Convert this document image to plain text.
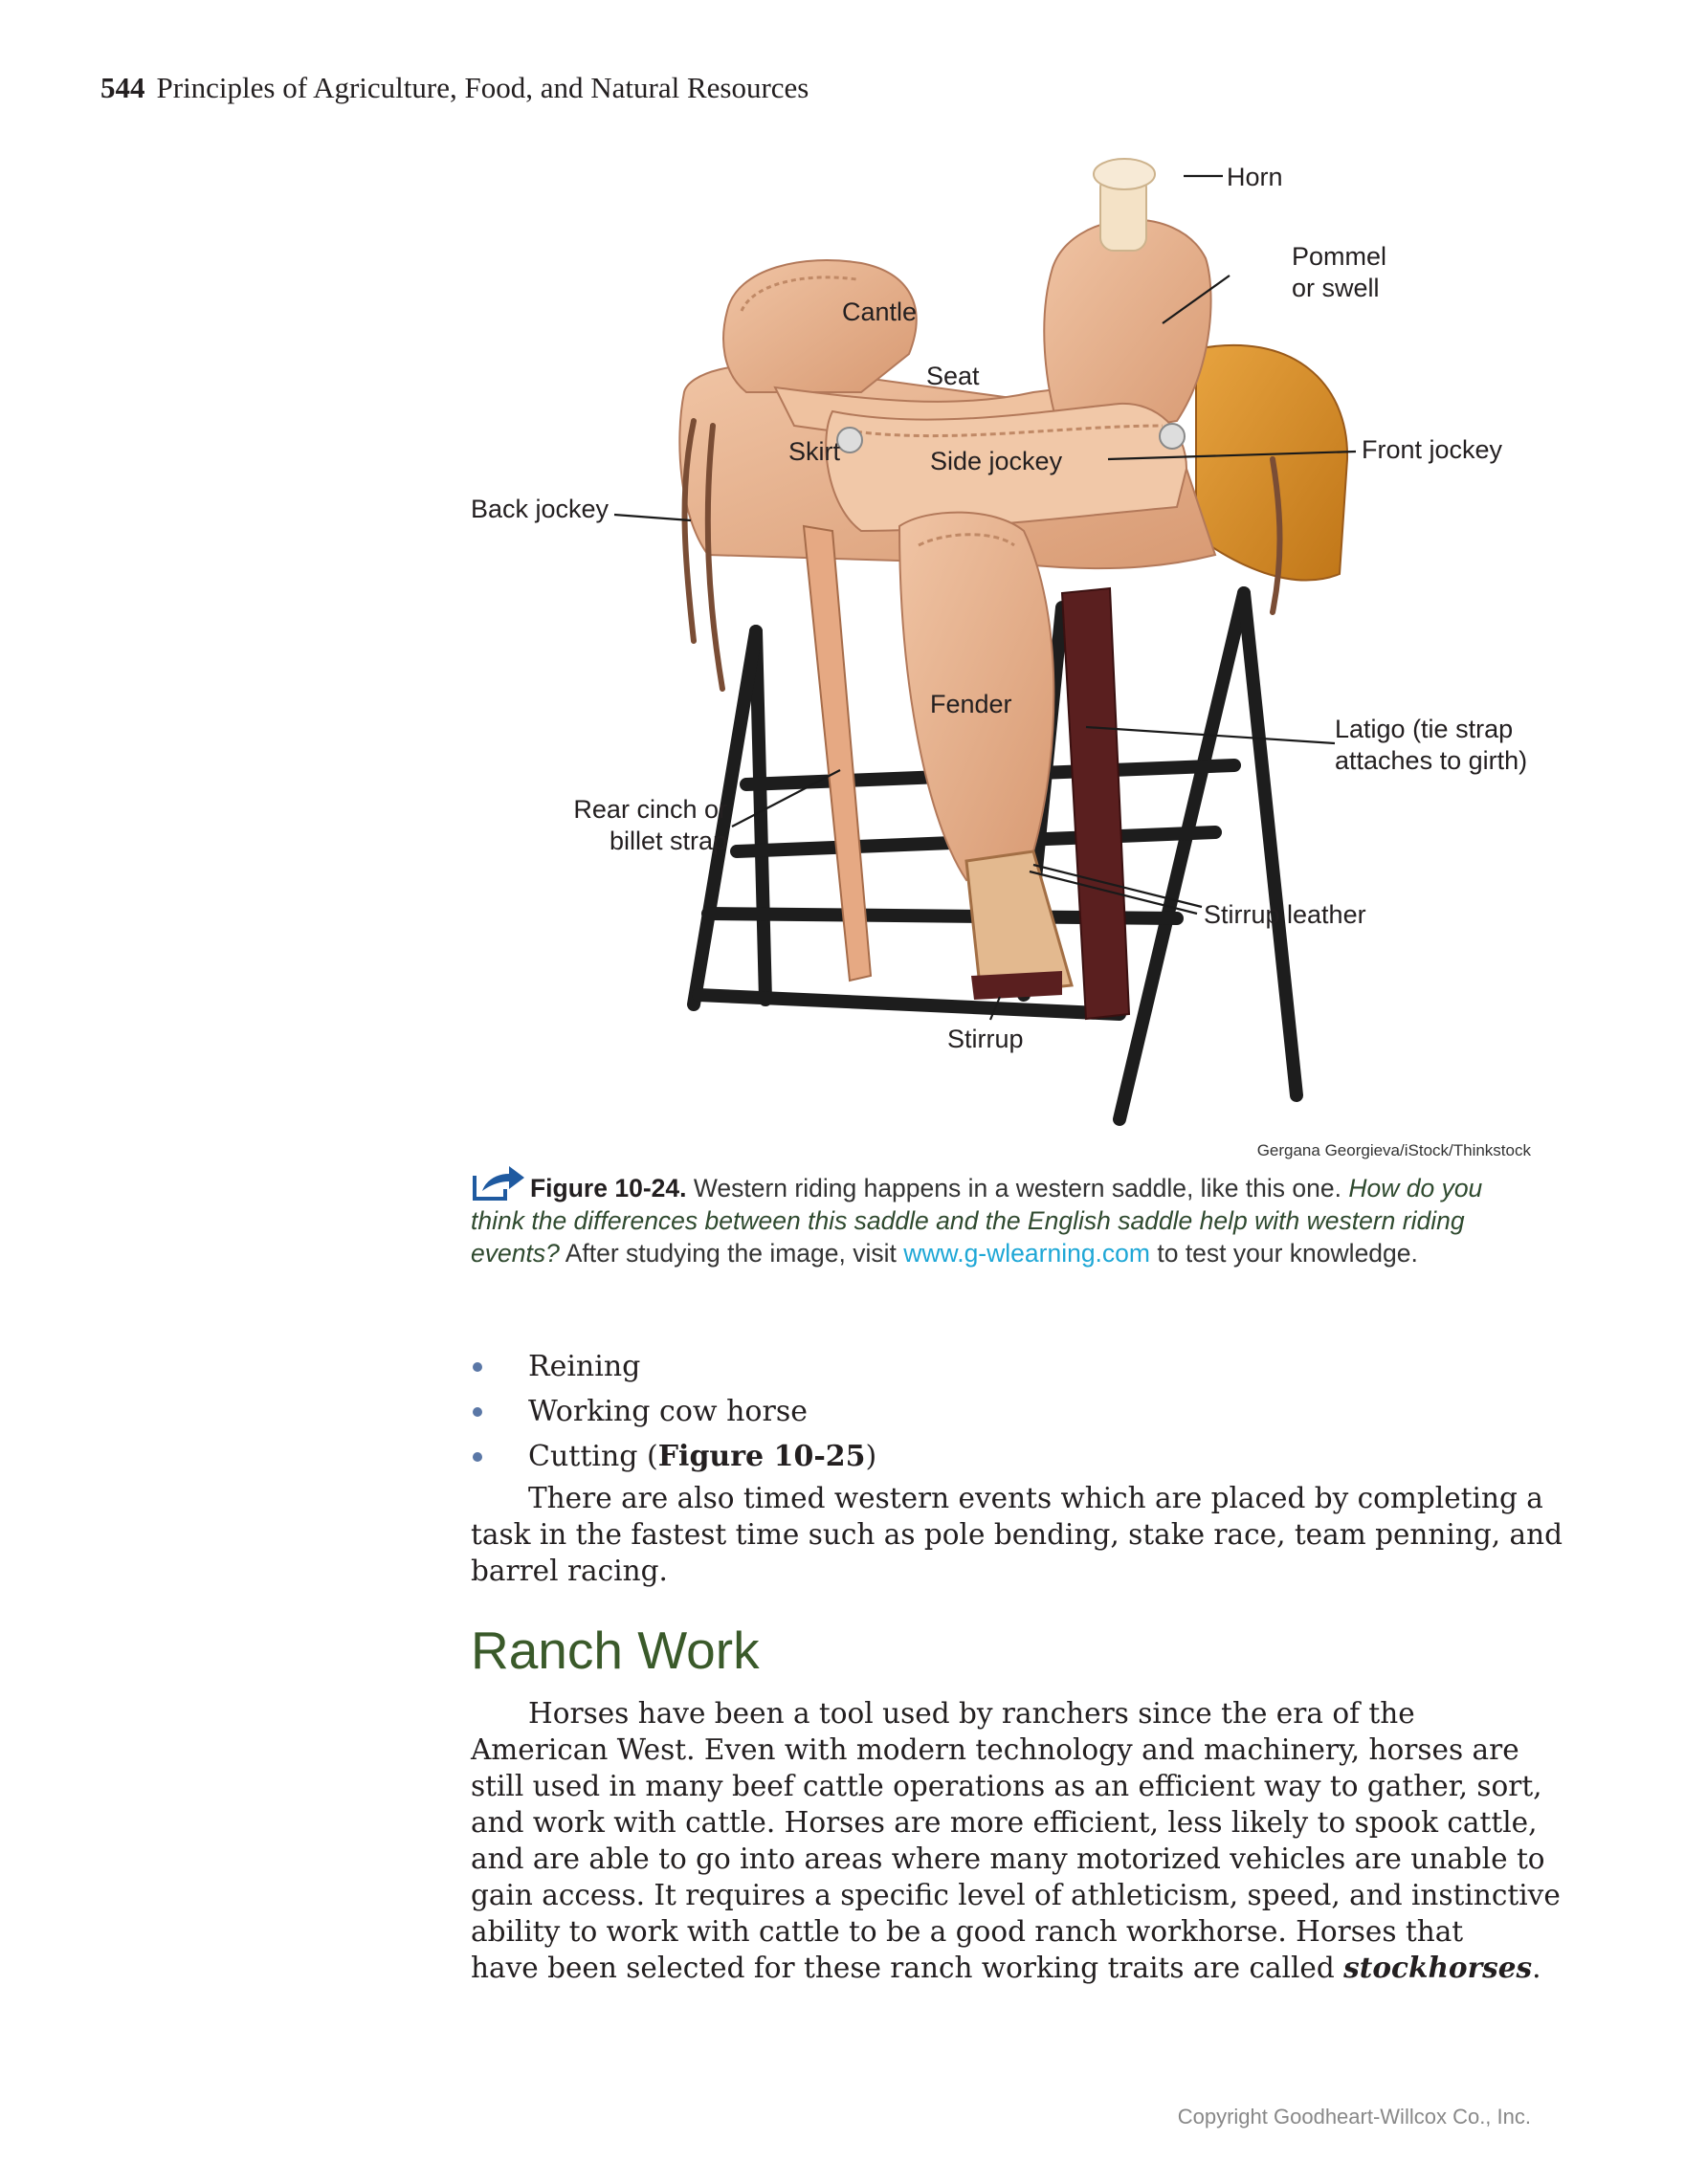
544 Principles of Agriculture, Food, and Natural Resources
Horn
Pommel
or swell
Cantle
Seat
Skirt	Side jockey	Front jockey
Back jockey
Fender
Latigo (tie strap
attaches to girth)
Rear cinch or
billet strap
Stirrup leather
Stirrup
Gergana Georgieva/iStock/Thinkstock
Figure 10-24. Western riding happens in a western saddle, like this one. How do you think the differences between this saddle and the English saddle help with western riding events? After studying the image, visit www.g-wlearning.com to test your knowledge.
Reining
Working cow horse
Cutting (Figure 10-25)
There are also timed western events which are placed by completing a
task in the fastest time such as pole bending, stake race, team penning, and
barrel racing.
Ranch Work
Horses have been a tool used by ranchers since the era of the
American West. Even with modern technology and machinery, horses are
still used in many beef cattle operations as an efficient way to gather, sort,
and work with cattle. Horses are more efficient, less likely to spook cattle,
and are able to go into areas where many motorized vehicles are unable to
gain access. It requires a specific level of athleticism, speed, and instinctive
ability to work with cattle to be a good ranch workhorse. Horses that
have been selected for these ranch working traits are called stockhorses.
Copyright Goodheart-Willcox Co., Inc.
